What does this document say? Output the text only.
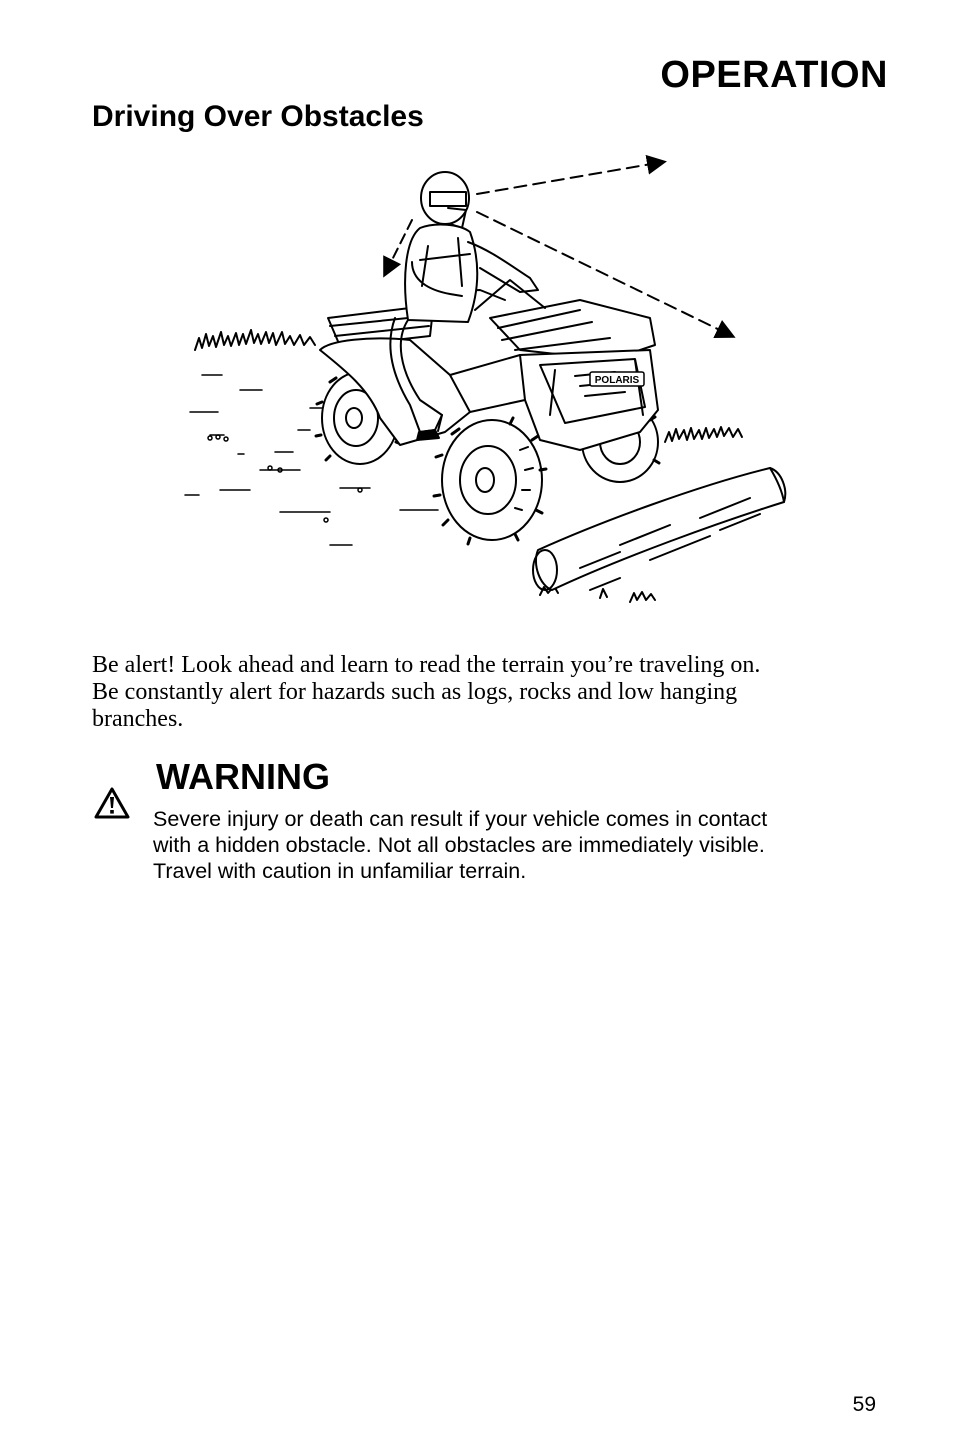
OPERATION
Driving Over Obstacles
POLARIS

Be alert! Look ahead and learn to read the terrain you’re traveling on.
Be constantly alert for hazards such as logs, rocks and low hanging
branches.

WARNING

Severe injury or death can result if your vehicle comes in contact
with a hidden obstacle. Not all obstacles are immediately visible.
Travel with caution in unfamiliar terrain.

59
